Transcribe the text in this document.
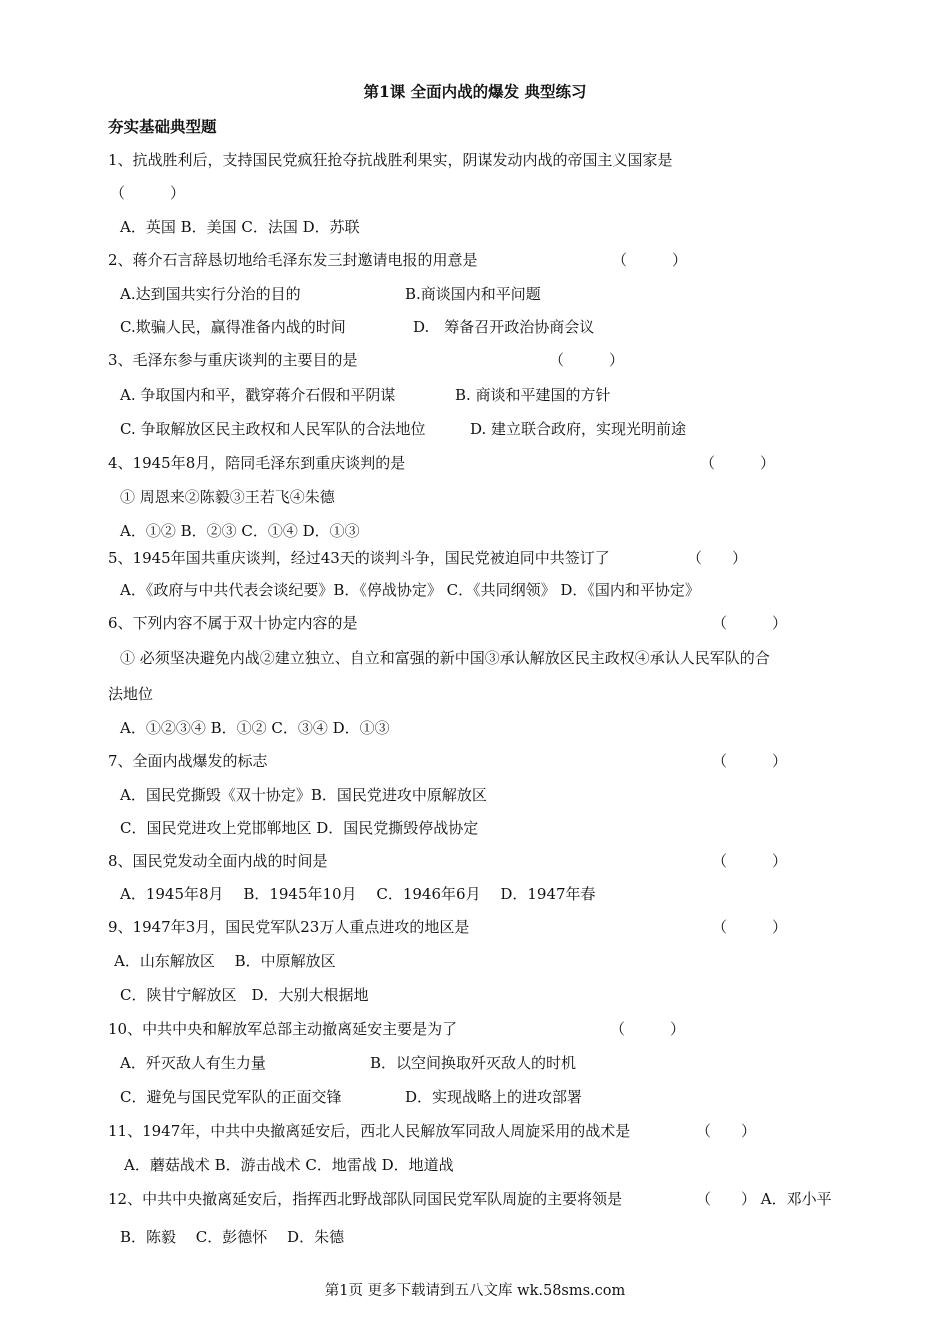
第1课 全面内战的爆发 典型练习
夯实基础典型题
1、抗战胜利后，支持国民党疯狂抢夺抗战胜利果实，阴谋发动内战的帝国主义国家是
（　　　）
A．英国 B．美国 C．法国 D．苏联
2、蒋介石言辞恳切地给毛泽东发三封邀请电报的用意是	（　　　）
A.达到国共实行分治的目的	B.商谈国内和平问题
C.欺骗人民，赢得准备内战的时间	D.　筹备召开政治协商会议
3、毛泽东参与重庆谈判的主要目的是	（　　　）
A. 争取国内和平，戳穿蒋介石假和平阴谋	B. 商谈和平建国的方针
C. 争取解放区民主政权和人民军队的合法地位	D. 建立联合政府，实现光明前途
4、1945年8月，陪同毛泽东到重庆谈判的是	（　　　）
① 周恩来②陈毅③王若飞④朱德
A．①② B．②③ C．①④ D．①③
5、1945年国共重庆谈判，经过43天的谈判斗争，国民党被迫同中共签订了	（　　）
A．《政府与中共代表会谈纪要》B．《停战协定》 C．《共同纲领》 D．《国内和平协定》
6、下列内容不属于双十协定内容的是	（　　　）
① 必须坚决避免内战②建立独立、自立和富强的新中国③承认解放区民主政权④承认人民军队的合
法地位
A．①②③④ B．①② C．③④ D．①③
7、全面内战爆发的标志	（　　　）
A．国民党撕毁《双十协定》B．国民党进攻中原解放区
C．国民党进攻上党邯郸地区 D．国民党撕毁停战协定
8、国民党发动全面内战的时间是	（　　　）
A．1945年8月　 B．1945年10月　 C．1946年6月　 D．1947年春
9、1947年3月，国民党军队23万人重点进攻的地区是	（　　　）
A．山东解放区　 B．中原解放区
C．陕甘宁解放区　D．大别大根据地
10、中共中央和解放军总部主动撤离延安主要是为了	（　　　）
A．歼灭敌人有生力量	B．以空间换取歼灭敌人的时机
C．避免与国民党军队的正面交锋	D．实现战略上的进攻部署
11、1947年，中共中央撤离延安后，西北人民解放军同敌人周旋采用的战术是	（　　）
A．蘑菇战术 B．游击战术 C．地雷战 D．地道战
12、中共中央撤离延安后，指挥西北野战部队同国民党军队周旋的主要将领是	（　　） A．邓小平
B．陈毅　 C．彭德怀　 D．朱德
第1页 更多下载请到五八文库 wk.58sms.com
